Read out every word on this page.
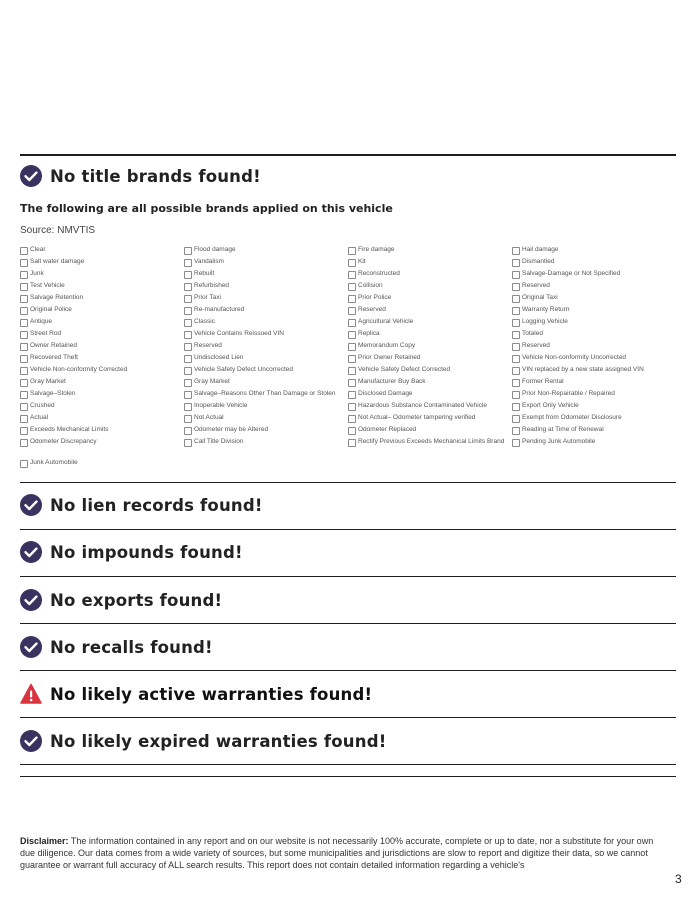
No title brands found!
The following are all possible brands applied on this vehicle
Source: NMVTIS
Clear	Flood damage	Fire damage	Hail damage
Salt water damage	Vandalism	Kit	Dismantled
Junk	Rebuilt	Reconstructed	Salvage-Damage or Not Specified
Test Vehicle	Refurbished	Collision	Reserved
Salvage Retention	Prior Taxi	Prior Police	Original Taxi
Original Police	Re-manufactured	Reserved	Warranty Return
Antique	Classic	Agricultural Vehicle	Logging Vehicle
Street Rod	Vehicle Contains Reissued VIN	Replica	Totaled
Owner Retained	Reserved	Memorandum Copy	Reserved
Recovered Theft	Undisclosed Lien	Prior Owner Retained	Vehicle Non-conformity Uncorrected
Vehicle Non-conformity Corrected	Vehicle Safety Defect Uncorrected	Vehicle Safety Defect Corrected	VIN replaced by a new state assigned VIN
Gray Market	Gray Market	Manufacturer Buy Back	Former Rental
Salvage–Stolen	Salvage–Reasons Other Than Damage or Stolen	Disclosed Damage	Prior Non-Repairable / Repaired
Crushed	Inoperable Vehicle	Hazardous Substance Contaminated Vehicle	Export Only Vehicle
Actual	Not Actual	Not Actual– Odometer tampering verified	Exempt from Odometer Disclosure
Exceeds Mechanical Limits	Odometer may be Altered	Odometer Replaced	Reading at Time of Renewal
Odometer Discrepancy	Call Title Division	Rectify Previous Exceeds Mechanical Limits Brand	Pending Junk Automobile
No lien records found!
No impounds found!
No exports found!
No recalls found!
No likely active warranties found!
No likely expired warranties found!
Disclaimer: The information contained in any report and on our website is not necessarily 100% accurate, complete or up to date, nor a substitute for your own due diligence. Our data comes from a wide variety of sources, but some municipalities and jurisdictions are slow to report and digitize their data, so we cannot guarantee or warrant full accuracy of ALL search results. This report does not contain detailed information regarding a vehicle's
3
Junk Automobile
